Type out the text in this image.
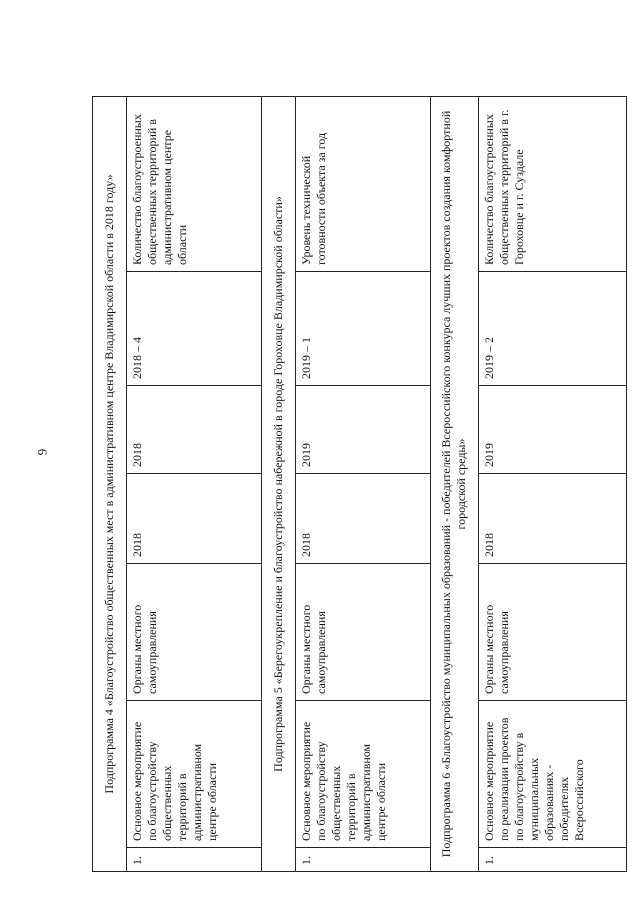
6	Подпрограмма 4 «Благоустройство общественных мест в административном центре Владимирской области в 2018 году»						
1.	Основное мероприятие по благоустройству общественных территорий в административном центре области	Органы местного самоуправления	2018	2018	2018 – 4	Количество благоустроенных общественных территорий в административном центре области
Подпрограмма 5 «Берегоукрепление и благоустройство набережной в городе Гороховце Владимирской области»						
1.	Основное мероприятие по благоустройству общественных территорий в административном центре области	Органы местного самоуправления	2018	2019	2019 – 1	Уровень технической готовности объекта за год
Подпрограмма 6 «Благоустройство муниципальных образований - победителей Всероссийского конкурса лучших проектов создания комфортной городской среды»						
1.	Основное мероприятие по реализации проектов по благоустройству в муниципальных образованиях - победителях Всероссийского	Органы местного самоуправления	2018	2019	2019 – 2	Количество благоустроенных общественных территорий в г. Гороховце и г. Суздале
